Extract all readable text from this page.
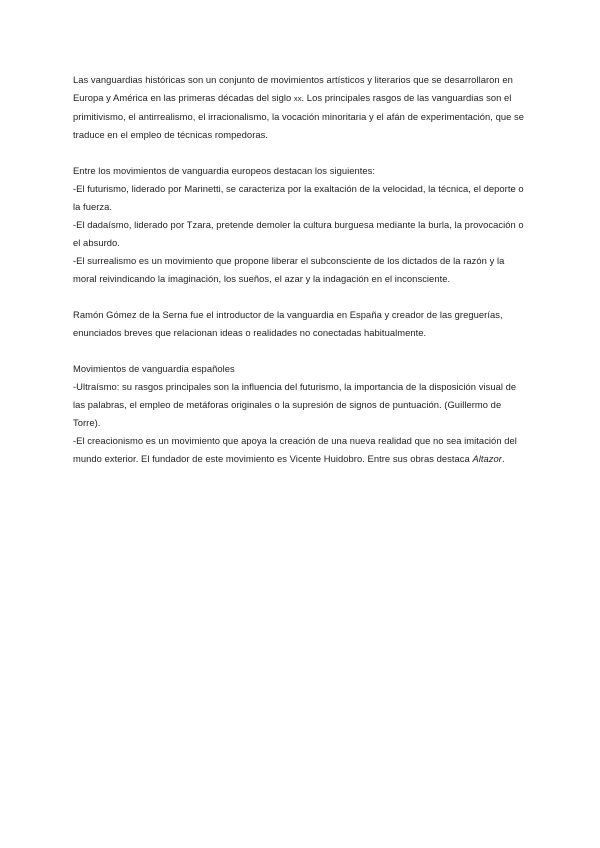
Las vanguardias históricas son un conjunto de movimientos artísticos y literarios que se desarrollaron en Europa y América en las primeras décadas del siglo xx. Los principales rasgos de las vanguardias son el primitivismo, el antirrealismo, el irracionalismo, la vocación minoritaria y el afán de experimentación, que se traduce en el empleo de técnicas rompedoras.

Entre los movimientos de vanguardia europeos destacan los siguientes:

-El futurismo, liderado por Marinetti, se caracteriza por la exaltación de la velocidad, la técnica, el deporte o la fuerza.

-El dadaísmo, liderado por Tzara, pretende demoler la cultura burguesa mediante la burla, la provocación o el absurdo.

-El surrealismo es un movimiento que propone liberar el subconsciente de los dictados de la razón y la moral reivindicando la imaginación, los sueños, el azar y la indagación en el inconsciente.

Ramón Gómez de la Serna fue el introductor de la vanguardia en España y creador de las greguerías, enunciados breves que relacionan ideas o realidades no conectadas habitualmente.

Movimientos de vanguardia españoles

-Ultraísmo: su rasgos principales son la influencia del futurismo, la importancia de la disposición visual de las palabras, el empleo de metáforas originales o la supresión de signos de puntuación. (Guillermo de Torre).

-El creacionismo es un movimiento que apoya la creación de una nueva realidad que no sea imitación del mundo exterior. El fundador de este movimiento es Vicente Huidobro. Entre sus obras destaca Altazor.
